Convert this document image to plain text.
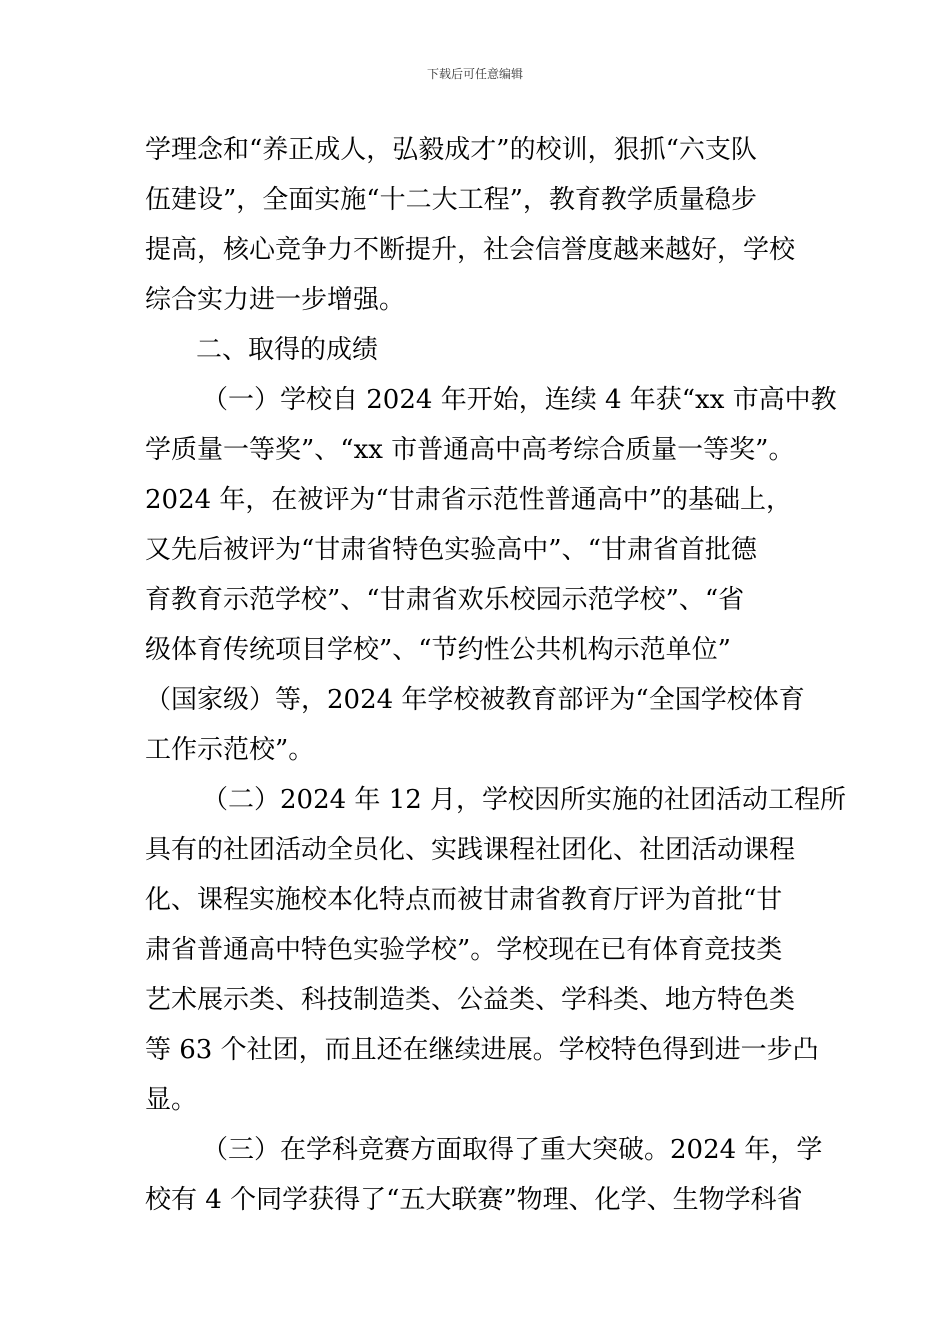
下载后可任意编辑
学理念和“养正成人，弘毅成才”的校训，狠抓“六支队
伍建设”，全面实施“十二大工程”，教育教学质量稳步
提高，核心竞争力不断提升，社会信誉度越来越好，学校
综合实力进一步增强。
二、取得的成绩
（一）学校自 2024 年开始，连续 4 年获“xx 市高中教
学质量一等奖”、“xx 市普通高中高考综合质量一等奖”。
2024 年，在被评为“甘肃省示范性普通高中”的基础上，
又先后被评为“甘肃省特色实验高中”、“甘肃省首批德
育教育示范学校”、“甘肃省欢乐校园示范学校”、“省
级体育传统项目学校”、“节约性公共机构示范单位”
（国家级）等，2024 年学校被教育部评为“全国学校体育
工作示范校”。
（二）2024 年 12 月，学校因所实施的社团活动工程所
具有的社团活动全员化、实践课程社团化、社团活动课程
化、课程实施校本化特点而被甘肃省教育厅评为首批“甘
肃省普通高中特色实验学校”。学校现在已有体育竞技类
艺术展示类、科技制造类、公益类、学科类、地方特色类
等 63 个社团，而且还在继续进展。学校特色得到进一步凸
显。
（三）在学科竞赛方面取得了重大突破。2024 年，学
校有 4 个同学获得了“五大联赛”物理、化学、生物学科省
